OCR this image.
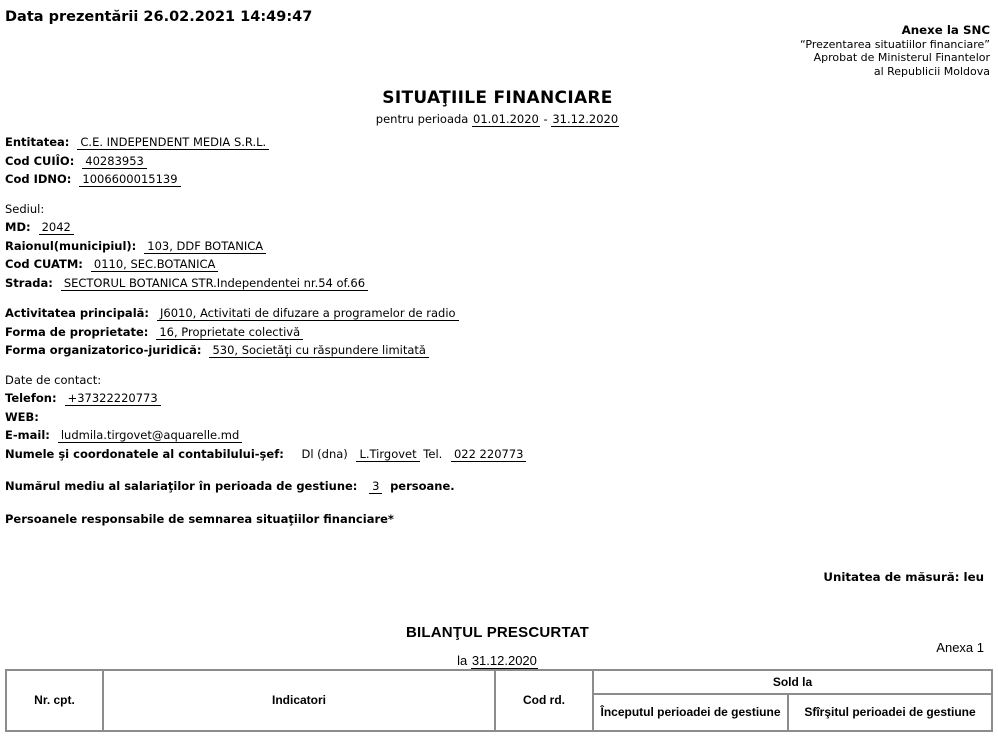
Data prezentării 26.02.2021 14:49:47
Anexe la SNC
“Prezentarea situatiilor financiare”
Aprobat de Ministerul Finantelor
al Republicii Moldova
SITUAŢIILE FINANCIARE
pentru perioada 01.01.2020 - 31.12.2020
Entitatea: C.E. INDEPENDENT MEDIA S.R.L.
Cod CUIÎO: 40283953
Cod IDNO: 1006600015139
Sediul:
MD: 2042
Raionul(municipiul): 103, DDF BOTANICA
Cod CUATM: 0110, SEC.BOTANICA
Strada: SECTORUL BOTANICA STR.Independentei nr.54 of.66
Activitatea principală: J6010, Activitati de difuzare a programelor de radio
Forma de proprietate: 16, Proprietate colectivă
Forma organizatorico-juridică: 530, Societăţi cu răspundere limitată
Date de contact:
Telefon: +37322220773
WEB:
E-mail: ludmila.tirgovet@aquarelle.md
Numele şi coordonatele al contabilului-şef: Dl (dna) L.Tirgovet Tel. 022 220773
Numărul mediu al salariaţilor în perioada de gestiune: 3 persoane.
Persoanele responsabile de semnarea situaţiilor financiare*
Unitatea de măsură: leu
BILANŢUL PRESCURTAT
Anexa 1
la 31.12.2020
Nr. cpt.	Indicatori	Cod rd.	Sold la	
			Începutul perioadei de gestiune	Sfîrşitul perioadei de gestiune
